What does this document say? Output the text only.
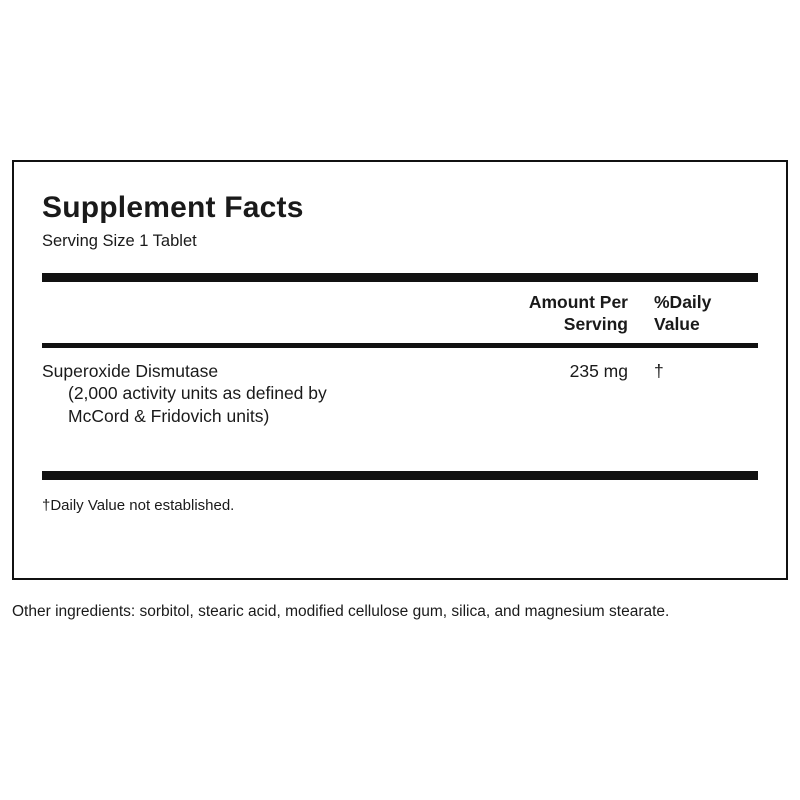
Supplement Facts
Serving Size 1 Tablet
Amount Per
Serving
%Daily
Value
Superoxide Dismutase
(2,000 activity units as defined by
McCord & Fridovich units)
235 mg	†
†Daily Value not established.
Other ingredients: sorbitol, stearic acid, modified cellulose gum, silica, and magnesium stearate.
